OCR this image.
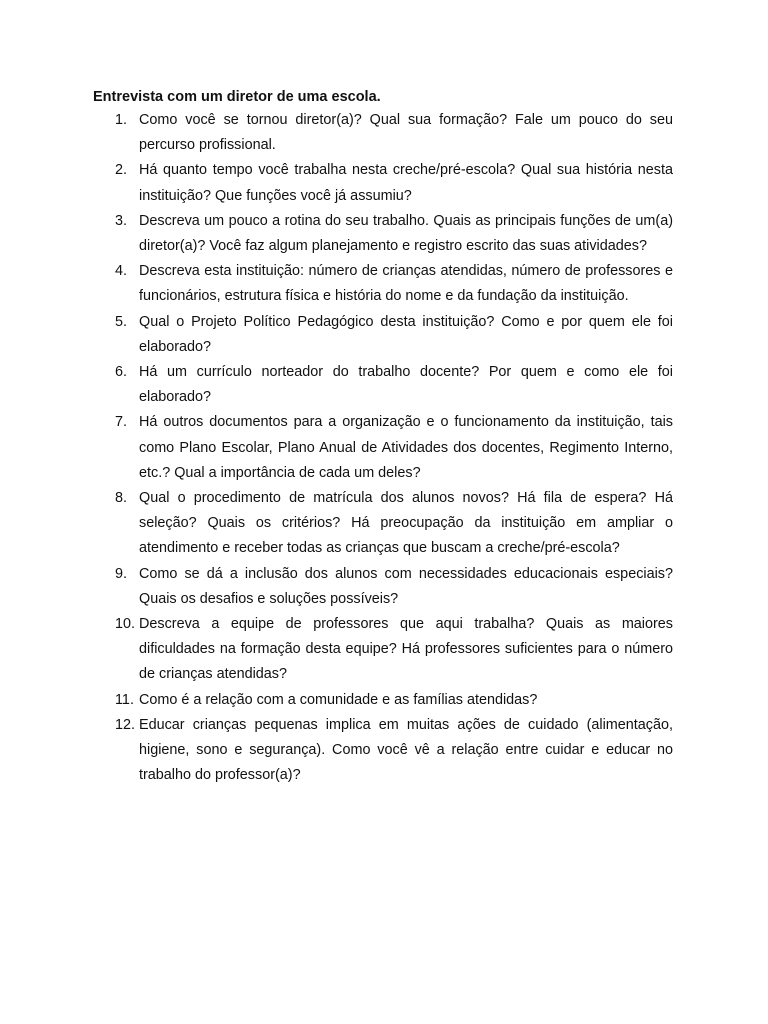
Entrevista com um diretor de uma escola.
1. Como você se tornou diretor(a)? Qual sua formação? Fale um pouco do seu percurso profissional.
2. Há quanto tempo você trabalha nesta creche/pré-escola? Qual sua história nesta instituição? Que funções você já assumiu?
3. Descreva um pouco a rotina do seu trabalho. Quais as principais funções de um(a) diretor(a)? Você faz algum planejamento e registro escrito das suas atividades?
4. Descreva esta instituição: número de crianças atendidas, número de professores e funcionários, estrutura física e história do nome e da fundação da instituição.
5. Qual o Projeto Político Pedagógico desta instituição? Como e por quem ele foi elaborado?
6. Há um currículo norteador do trabalho docente? Por quem e como ele foi elaborado?
7. Há outros documentos para a organização e o funcionamento da instituição, tais como Plano Escolar, Plano Anual de Atividades dos docentes, Regimento Interno, etc.? Qual a importância de cada um deles?
8. Qual o procedimento de matrícula dos alunos novos? Há fila de espera? Há seleção? Quais os critérios? Há preocupação da instituição em ampliar o atendimento e receber todas as crianças que buscam a creche/pré-escola?
9. Como se dá a inclusão dos alunos com necessidades educacionais especiais? Quais os desafios e soluções possíveis?
10. Descreva a equipe de professores que aqui trabalha? Quais as maiores dificuldades na formação desta equipe? Há professores suficientes para o número de crianças atendidas?
11. Como é a relação com a comunidade e as famílias atendidas?
12. Educar crianças pequenas implica em muitas ações de cuidado (alimentação, higiene, sono e segurança). Como você vê a relação entre cuidar e educar no trabalho do professor(a)?
